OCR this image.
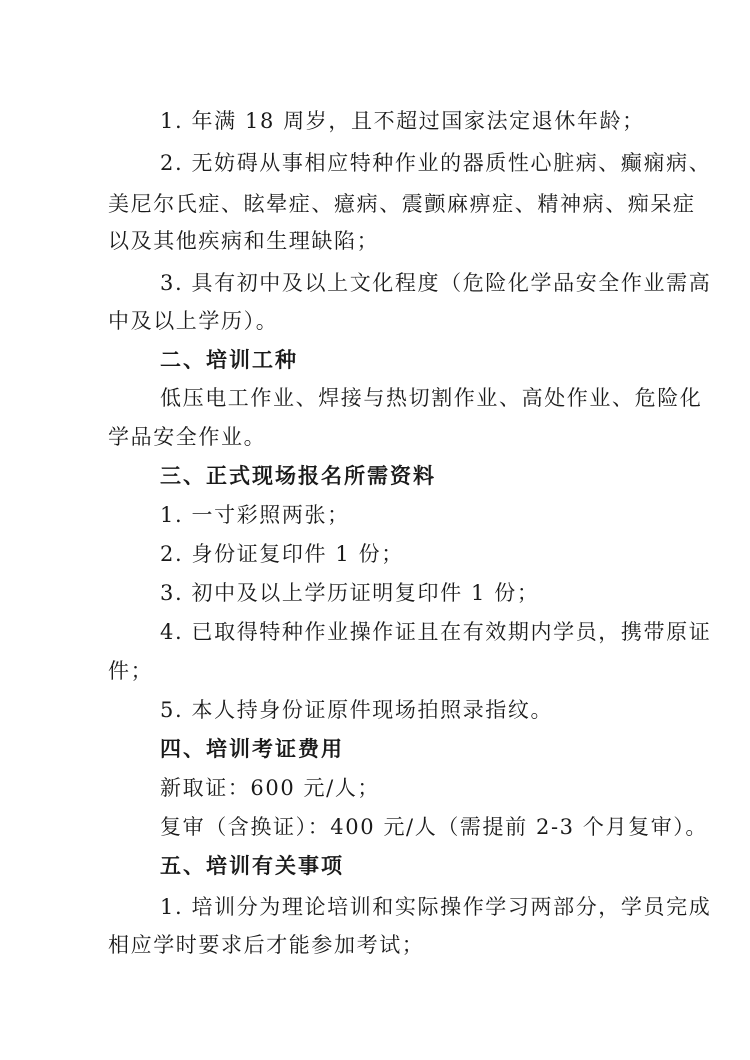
1. 年满 18 周岁，且不超过国家法定退休年龄；

2. 无妨碍从事相应特种作业的器质性心脏病、癫痫病、

美尼尔氏症、眩晕症、癔病、震颤麻痹症、精神病、痴呆症

以及其他疾病和生理缺陷；

3. 具有初中及以上文化程度（危险化学品安全作业需高

中及以上学历）。

二、培训工种

低压电工作业、焊接与热切割作业、高处作业、危险化

学品安全作业。

三、正式现场报名所需资料

1. 一寸彩照两张；

2. 身份证复印件 1 份；

3. 初中及以上学历证明复印件 1 份；

4. 已取得特种作业操作证且在有效期内学员，携带原证

件；

5. 本人持身份证原件现场拍照录指纹。

四、培训考证费用

新取证：600 元/人；

复审（含换证）：400 元/人（需提前 2-3 个月复审）。

五、培训有关事项

1. 培训分为理论培训和实际操作学习两部分，学员完成

相应学时要求后才能参加考试；
